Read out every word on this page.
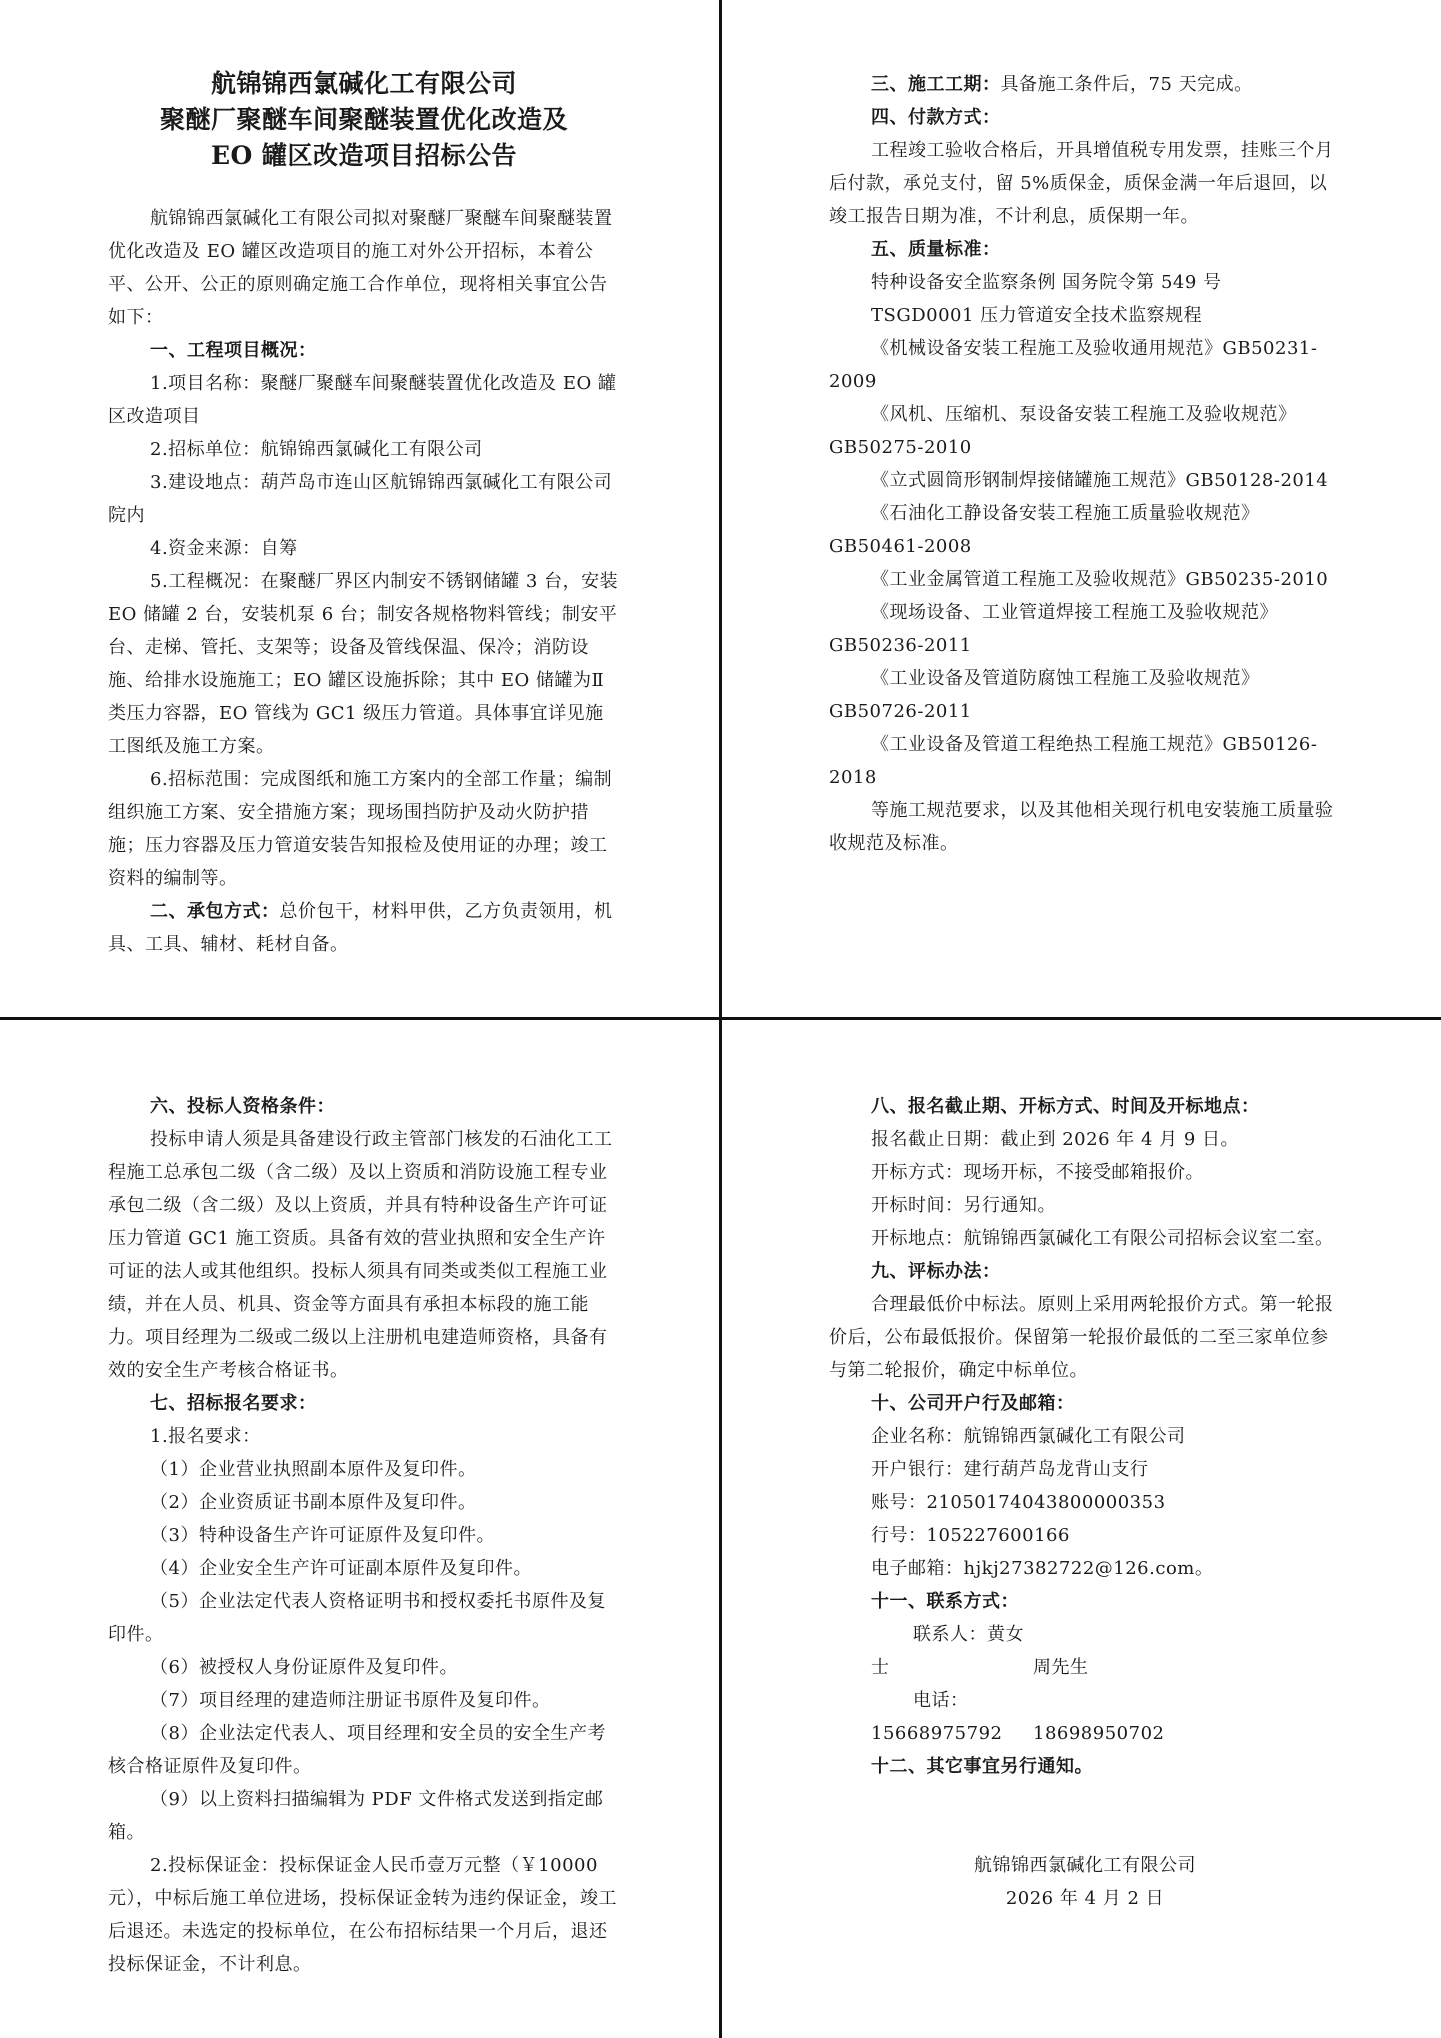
航锦锦西氯碱化工有限公司
聚醚厂聚醚车间聚醚装置优化改造及
EO 罐区改造项目招标公告

航锦锦西氯碱化工有限公司拟对聚醚厂聚醚车间聚醚装置优化改造及 EO 罐区改造项目的施工对外公开招标，本着公平、公开、公正的原则确定施工合作单位，现将相关事宜公告如下：

一、工程项目概况：

1.项目名称：聚醚厂聚醚车间聚醚装置优化改造及 EO 罐区改造项目

2.招标单位：航锦锦西氯碱化工有限公司

3.建设地点：葫芦岛市连山区航锦锦西氯碱化工有限公司院内

4.资金来源：自筹

5.工程概况：在聚醚厂界区内制安不锈钢储罐 3 台，安装 EO 储罐 2 台，安装机泵 6 台；制安各规格物料管线；制安平台、走梯、管托、支架等；设备及管线保温、保冷；消防设施、给排水设施施工；EO 罐区设施拆除；其中 EO 储罐为Ⅱ类压力容器，EO 管线为 GC1 级压力管道。具体事宜详见施工图纸及施工方案。

6.招标范围：完成图纸和施工方案内的全部工作量；编制组织施工方案、安全措施方案；现场围挡防护及动火防护措施；压力容器及压力管道安装告知报检及使用证的办理；竣工资料的编制等。

二、承包方式：总价包干，材料甲供，乙方负责领用，机具、工具、辅材、耗材自备。

三、施工工期：具备施工条件后，75 天完成。

四、付款方式：

工程竣工验收合格后，开具增值税专用发票，挂账三个月后付款，承兑支付，留 5%质保金，质保金满一年后退回，以竣工报告日期为准，不计利息，质保期一年。

五、质量标准：

特种设备安全监察条例 国务院令第 549 号

TSGD0001 压力管道安全技术监察规程

《机械设备安装工程施工及验收通用规范》GB50231-2009

《风机、压缩机、泵设备安装工程施工及验收规范》GB50275-2010

《立式圆筒形钢制焊接储罐施工规范》GB50128-2014

《石油化工静设备安装工程施工质量验收规范》GB50461-2008

《工业金属管道工程施工及验收规范》GB50235-2010

《现场设备、工业管道焊接工程施工及验收规范》GB50236-2011

《工业设备及管道防腐蚀工程施工及验收规范》GB50726-2011

《工业设备及管道工程绝热工程施工规范》GB50126-2018

等施工规范要求，以及其他相关现行机电安装施工质量验收规范及标准。

六、投标人资格条件：

投标申请人须是具备建设行政主管部门核发的石油化工工程施工总承包二级（含二级）及以上资质和消防设施工程专业承包二级（含二级）及以上资质，并具有特种设备生产许可证压力管道 GC1 施工资质。具备有效的营业执照和安全生产许可证的法人或其他组织。投标人须具有同类或类似工程施工业绩，并在人员、机具、资金等方面具有承担本标段的施工能力。项目经理为二级或二级以上注册机电建造师资格，具备有效的安全生产考核合格证书。

七、招标报名要求：

1.报名要求：

（1）企业营业执照副本原件及复印件。

（2）企业资质证书副本原件及复印件。

（3）特种设备生产许可证原件及复印件。

（4）企业安全生产许可证副本原件及复印件。

（5）企业法定代表人资格证明书和授权委托书原件及复印件。

（6）被授权人身份证原件及复印件。

（7）项目经理的建造师注册证书原件及复印件。

（8）企业法定代表人、项目经理和安全员的安全生产考核合格证原件及复印件。

（9）以上资料扫描编辑为 PDF 文件格式发送到指定邮箱。

2.投标保证金：投标保证金人民币壹万元整（￥10000 元），中标后施工单位进场，投标保证金转为违约保证金，竣工后退还。未选定的投标单位，在公布招标结果一个月后，退还投标保证金，不计利息。

八、报名截止期、开标方式、时间及开标地点：

报名截止日期：截止到 2026 年 4 月 9 日。

开标方式：现场开标，不接受邮箱报价。

开标时间：另行通知。

开标地点：航锦锦西氯碱化工有限公司招标会议室二室。

九、评标办法：

合理最低价中标法。原则上采用两轮报价方式。第一轮报价后，公布最低报价。保留第一轮报价最低的二至三家单位参与第二轮报价，确定中标单位。

十、公司开户行及邮箱：

企业名称：航锦锦西氯碱化工有限公司

开户银行：建行葫芦岛龙背山支行

账号：21050174043800000353

行号：105227600166

电子邮箱：hjkj27382722@126.com。

十一、联系方式：

联系人：黄女士	周先生

电话：15668975792 18698950702

十二、其它事宜另行通知。

航锦锦西氯碱化工有限公司

2026 年 4 月 2 日
